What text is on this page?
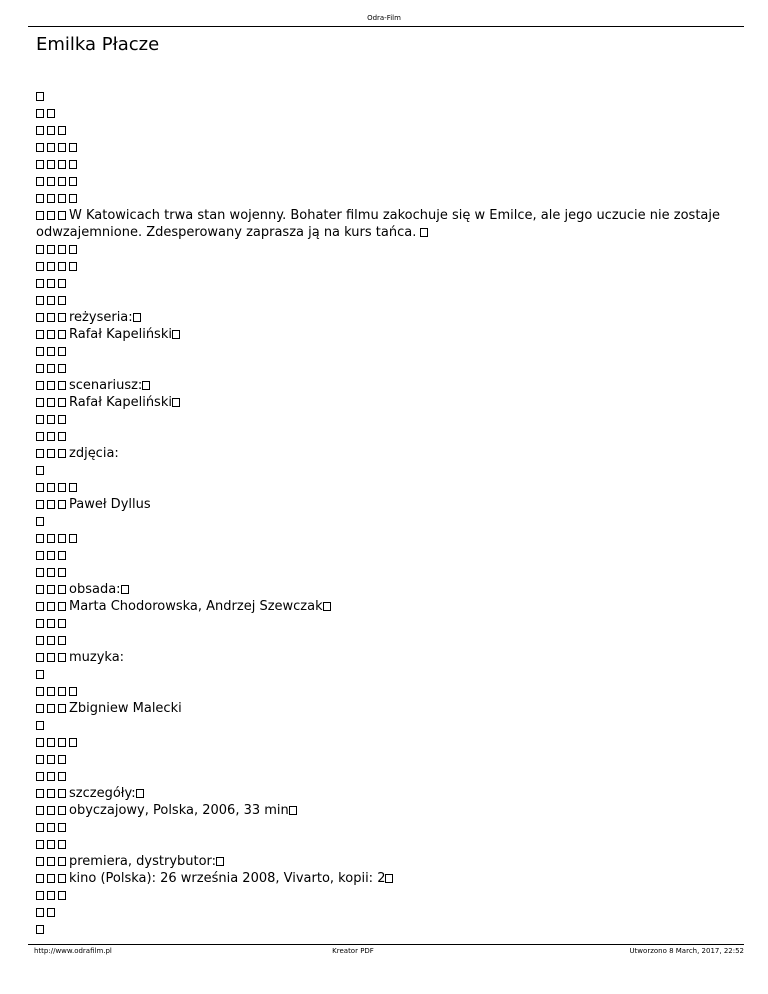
Odra-Film
Emilka Płacze
W Katowicach trwa stan wojenny. Bohater filmu zakochuje się w Emilce, ale jego uczucie nie zostaje odwzajemnione. Zdesperowany zaprasza ją na kurs tańca.
reżyseria:
Rafał Kapeliński
scenariusz:
Rafał Kapeliński
zdjęcia:
Paweł Dyllus
obsada:
Marta Chodorowska, Andrzej Szewczak
muzyka:
Zbigniew Malecki
szczegóły:
obyczajowy, Polska, 2006, 33 min
premiera, dystrybutor:
kino (Polska): 26 września 2008, Vivarto, kopii: 2
http://www.odrafilm.pl	Kreator PDF	Utworzono 8 March, 2017, 22:52
